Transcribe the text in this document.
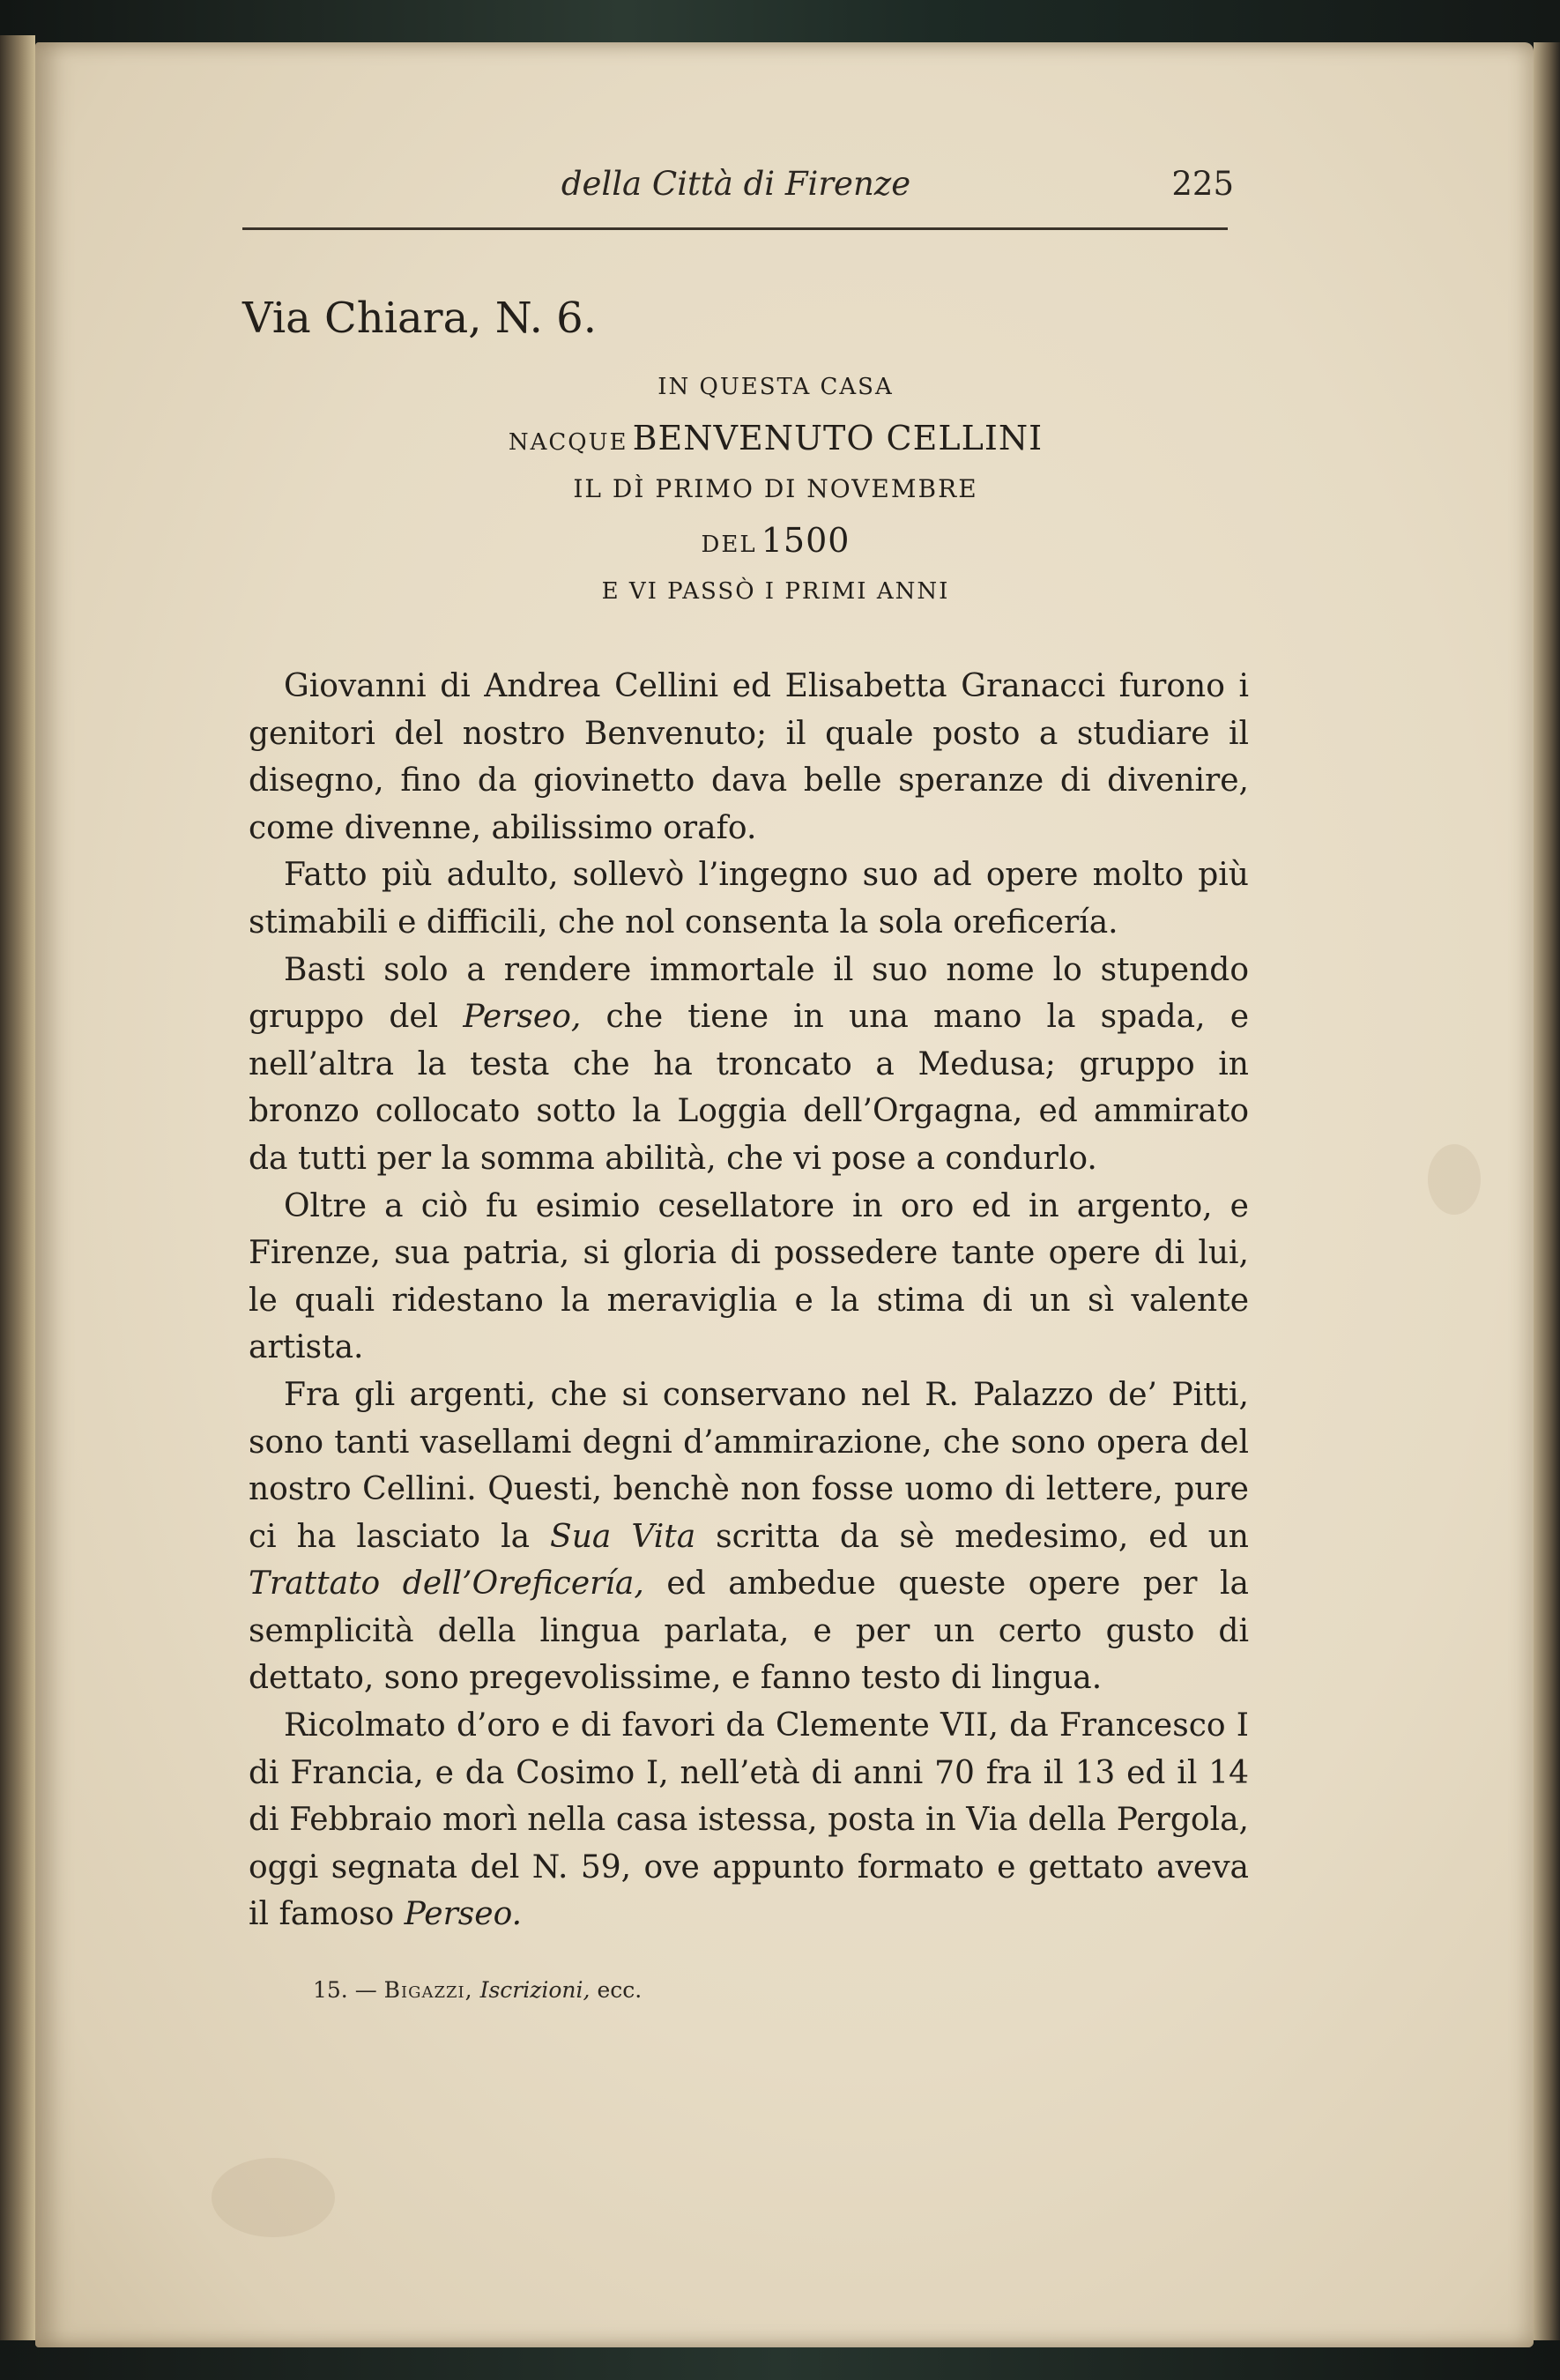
della Città di Firenze	225
Via Chiara, N. 6.
IN QUESTA CASA
NACQUE BENVENUTO CELLINI
IL DÌ PRIMO DI NOVEMBRE
DEL 1500
E VI PASSÒ I PRIMI ANNI

Giovanni di Andrea Cellini ed Elisabetta Granacci furono i genitori del nostro Benvenuto; il quale posto a studiare il disegno, fino da giovinetto dava belle speranze di divenire, come divenne, abilissimo orafo.

Fatto più adulto, sollevò l’ingegno suo ad opere molto più stimabili e difficili, che nol consenta la sola oreficería.

Basti solo a rendere immortale il suo nome lo stupendo gruppo del Perseo, che tiene in una mano la spada, e nell’altra la testa che ha troncato a Medusa; gruppo in bronzo collocato sotto la Loggia dell’Orgagna, ed ammirato da tutti per la somma abilità, che vi pose a condurlo.

Oltre a ciò fu esimio cesellatore in oro ed in argento, e Firenze, sua patria, si gloria di possedere tante opere di lui, le quali ridestano la meraviglia e la stima di un sì valente artista.

Fra gli argenti, che si conservano nel R. Palazzo de’ Pitti, sono tanti vasellami degni d’ammirazione, che sono opera del nostro Cellini. Questi, benchè non fosse uomo di lettere, pure ci ha lasciato la Sua Vita scritta da sè medesimo, ed un Trattato dell’Oreficería, ed ambedue queste opere per la semplicità della lingua parlata, e per un certo gusto di dettato, sono pregevolissime, e fanno testo di lingua.

Ricolmato d’oro e di favori da Clemente VII, da Francesco I di Francia, e da Cosimo I, nell’età di anni 70 fra il 13 ed il 14 di Febbraio morì nella casa istessa, posta in Via della Pergola, oggi segnata del N. 59, ove appunto formato e gettato aveva il famoso Perseo.

15. — Bigazzi, Iscrizioni, ecc.
